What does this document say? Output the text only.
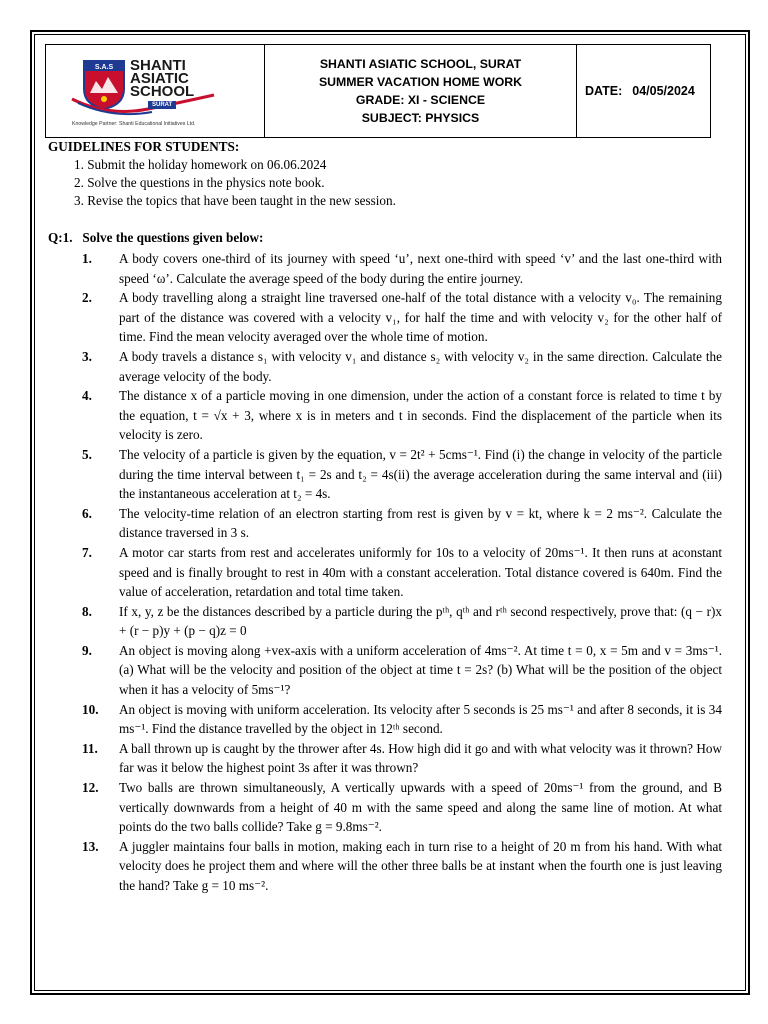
S.A.S SHANTI
ASIATIC
SCHOOL
SURAT
Knowledge Partner: Shanti Educational Initiatives Ltd.
SHANTI ASIATIC SCHOOL, SURAT
SUMMER VACATION HOME WORK
GRADE: XI - SCIENCE
SUBJECT: PHYSICS
DATE: 04/05/2024
GUIDELINES FOR STUDENTS:
1. Submit the holiday homework on 06.06.2024
2. Solve the questions in the physics note book.
3. Revise the topics that have been taught in the new session.
Q:1.   Solve the questions given below:
1.	A body covers one-third of its journey with speed ‘u’, next one-third with speed ‘v’ and the last one-third with speed ‘ω’. Calculate the average speed of the body during the entire journey.
2.	A body travelling along a straight line traversed one-half of the total distance with a velocity v₀. The remaining part of the distance was covered with a velocity v₁, for half the time and with velocity v₂ for the other half of time. Find the mean velocity averaged over the whole time of motion.
3.	A body travels a distance s₁ with velocity v₁ and distance s₂ with velocity v₂ in the same direction. Calculate the average velocity of the body.
4.	The distance x of a particle moving in one dimension, under the action of a constant force is related to time t by the equation, t = √x + 3, where x is in meters and t in seconds. Find the displacement of the particle when its velocity is zero.
5.	The velocity of a particle is given by the equation, v = 2t² + 5cms⁻¹. Find (i) the change in velocity of the particle during the time interval between t₁ = 2s and t₂ = 4s(ii) the average acceleration during the same interval and (iii) the instantaneous acceleration at t₂ = 4s.
6.	The velocity-time relation of an electron starting from rest is given by v = kt, where k = 2 ms⁻². Calculate the distance traversed in 3 s.
7.	A motor car starts from rest and accelerates uniformly for 10s to a velocity of 20ms⁻¹. It then runs at aconstant speed and is finally brought to rest in 40m with a constant acceleration. Total distance covered is 640m. Find the value of acceleration, retardation and total time taken.
8.	If x, y, z be the distances described by a particle during the pᵗʰ, qᵗʰ and rᵗʰ second respectively, prove that: (q − r)x + (r − p)y + (p − q)z = 0
9.	An object is moving along +vex-axis with a uniform acceleration of 4ms⁻². At time t = 0, x = 5m and v = 3ms⁻¹. (a) What will be the velocity and position of the object at time t = 2s? (b) What will be the position of the object when it has a velocity of 5ms⁻¹?
10.	An object is moving with uniform acceleration. Its velocity after 5 seconds is 25 ms⁻¹ and after 8 seconds, it is 34 ms⁻¹. Find the distance travelled by the object in 12ᵗʰ second.
11.	A ball thrown up is caught by the thrower after 4s. How high did it go and with what velocity was it thrown? How far was it below the highest point 3s after it was thrown?
12.	Two balls are thrown simultaneously, A vertically upwards with a speed of 20ms⁻¹ from the ground, and B vertically downwards from a height of 40 m with the same speed and along the same line of motion. At what points do the two balls collide? Take g = 9.8ms⁻².
13.	A juggler maintains four balls in motion, making each in turn rise to a height of 20 m from his hand. With what velocity does he project them and where will the other three balls be at instant when the fourth one is just leaving the hand? Take g = 10 ms⁻².
